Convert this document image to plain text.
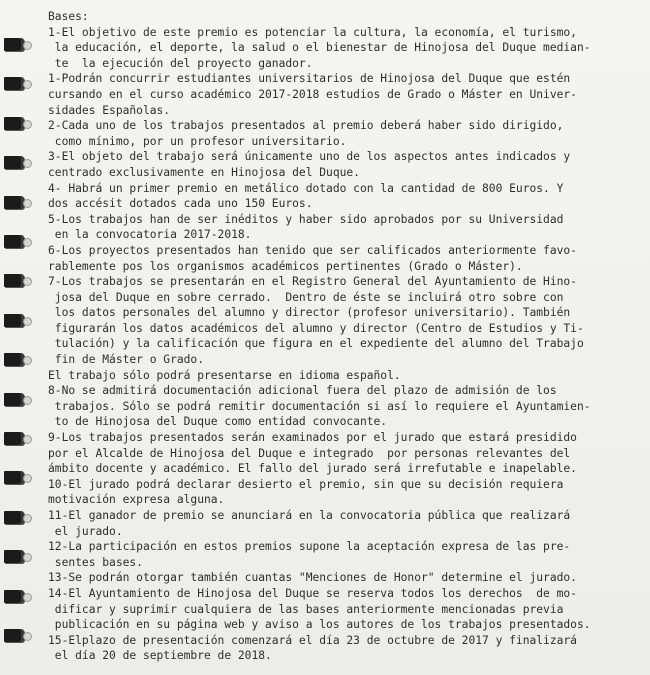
Bases:
1-El objetivo de este premio es potenciar la cultura, la economía, el turismo,
la educación, el deporte, la salud o el bienestar de Hinojosa del Duque median-
te  la ejecución del proyecto ganador.
1-Podrán concurrir estudiantes universitarios de Hinojosa del Duque que estén
cursando en el curso académico 2017-2018 estudios de Grado o Máster en Univer-
sidades Españolas.
2-Cada uno de los trabajos presentados al premio deberá haber sido dirigido,
como mínimo, por un profesor universitario.
3-El objeto del trabajo será únicamente uno de los aspectos antes indicados y
centrado exclusivamente en Hinojosa del Duque.
4- Habrá un primer premio en metálico dotado con la cantidad de 800 Euros. Y
dos accésit dotados cada uno 150 Euros.
5-Los trabajos han de ser inéditos y haber sido aprobados por su Universidad
en la convocatoria 2017-2018.
6-Los proyectos presentados han tenido que ser calificados anteriormente favo-
rablemente pos los organismos académicos pertinentes (Grado o Máster).
7-Los trabajos se presentarán en el Registro General del Ayuntamiento de Hino-
josa del Duque en sobre cerrado.  Dentro de éste se incluirá otro sobre con
los datos personales del alumno y director (profesor universitario). También
figurarán los datos académicos del alumno y director (Centro de Estudios y Ti-
tulación) y la calificación que figura en el expediente del alumno del Trabajo
fin de Máster o Grado.
El trabajo sólo podrá presentarse en idioma español.
8-No se admitirá documentación adicional fuera del plazo de admisión de los
trabajos. Sólo se podrá remitir documentación si así lo requiere el Ayuntamien-
to de Hinojosa del Duque como entidad convocante.
9-Los trabajos presentados serán examinados por el jurado que estará presidido
por el Alcalde de Hinojosa del Duque e integrado  por personas relevantes del
ámbito docente y académico. El fallo del jurado será irrefutable e inapelable.
10-El jurado podrá declarar desierto el premio, sin que su decisión requiera
motivación expresa alguna.
11-El ganador de premio se anunciará en la convocatoria pública que realizará
el jurado.
12-La participación en estos premios supone la aceptación expresa de las pre-
sentes bases.
13-Se podrán otorgar también cuantas "Menciones de Honor" determine el jurado.
14-El Ayuntamiento de Hinojosa del Duque se reserva todos los derechos  de mo-
dificar y suprimir cualquiera de las bases anteriormente mencionadas previa
publicación en su página web y aviso a los autores de los trabajos presentados.
15-Elplazo de presentación comenzará el día 23 de octubre de 2017 y finalizará
el día 20 de septiembre de 2018.
